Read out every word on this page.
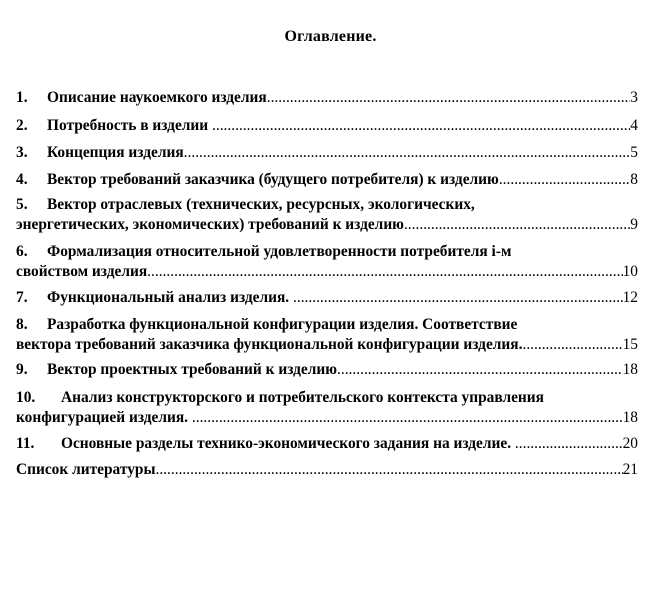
Оглавление.
1. Описание наукоемкого изделия .....	3
2. Потребность в изделии .....	4
3. Концепция изделия .....	5
4. Вектор требований заказчика (будущего потребителя) к изделию .....	8
5. Вектор отраслевых (технических, ресурсных, экологических,
энергетических, экономических) требований к изделию .....	9
6. Формализация относительной удовлетворенности потребителя i-м
свойством изделия .....	10
7. Функциональный анализ изделия. .....	12
8. Разработка функциональной конфигурации изделия. Соответствие
вектора требований заказчика функциональной конфигурации изделия. .....	15
9. Вектор проектных требований к изделию .....	18
10. Анализ конструкторского и потребительского контекста управления
конфигурацией изделия. .....	18
11. Основные разделы технико-экономического задания на изделие. .....	20
Список литературы .....	21
